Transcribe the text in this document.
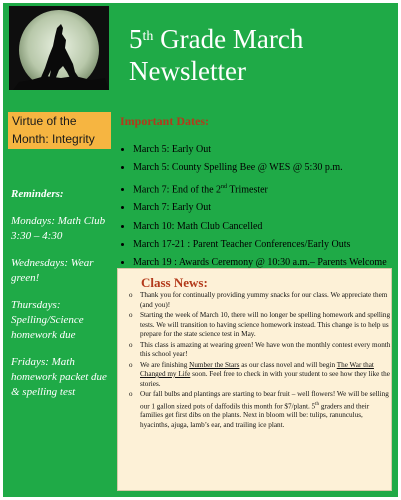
5th Grade March
Newsletter
Virtue of the Month: Integrity
Reminders:
Mondays: Math Club 3:30 – 4:30
Wednesdays: Wear green!
Thursdays: Spelling/Science homework due
Fridays: Math homework packet due & spelling test
Important Dates:
• March 5: Early Out
• March 5: County Spelling Bee @ WES @ 5:30 p.m.
• March 7: End of the 2nd Trimester
• March 7: Early Out
• March 10: Math Club Cancelled
• March 17-21 : Parent Teacher Conferences/Early Outs
• March 19 : Awards Ceremony @ 10:30 a.m.– Parents Welcome
Class News:
o Thank you for continually providing yummy snacks for our class. We appreciate them (and you)!
o Starting the week of March 10, there will no longer be spelling homework and spelling tests. We will transition to having science homework instead. This change is to help us prepare for the state science test in May.
o This class is amazing at wearing green! We have won the monthly contest every month this school year!
o We are finishing Number the Stars as our class novel and will begin The War that Changed my Life soon. Feel free to check in with your student to see how they like the stories.
o Our fall bulbs and plantings are starting to bear fruit – well flowers! We will be selling our 1 gallon sized pots of daffodils this month for $7/plant. 5th graders and their families get first dibs on the plants. Next in bloom will be: tulips, ranunculus, hyacinths, ajuga, lamb’s ear, and trailing ice plant.
